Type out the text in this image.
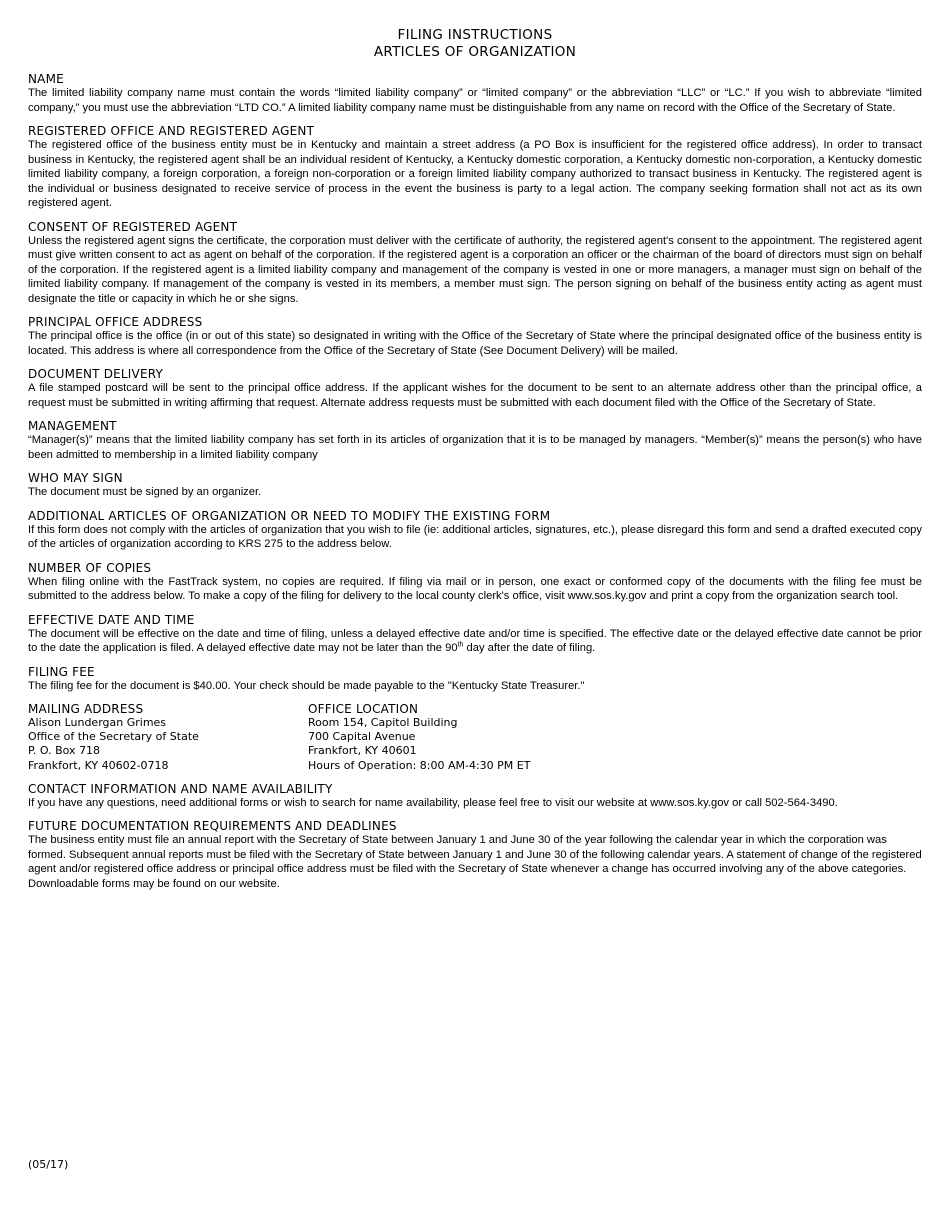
FILING INSTRUCTIONS
ARTICLES OF ORGANIZATION
NAME
The limited liability company name must contain the words “limited liability company” or “limited company” or the abbreviation “LLC” or “LC.” If you wish to abbreviate “limited company,” you must use the abbreviation “LTD CO.” A limited liability company name must be distinguishable from any name on record with the Office of the Secretary of State.
REGISTERED OFFICE AND REGISTERED AGENT
The registered office of the business entity must be in Kentucky and maintain a street address (a PO Box is insufficient for the registered office address). In order to transact business in Kentucky, the registered agent shall be an individual resident of Kentucky, a Kentucky domestic corporation, a Kentucky domestic non-corporation, a Kentucky domestic limited liability company, a foreign corporation, a foreign non-corporation or a foreign limited liability company authorized to transact business in Kentucky. The registered agent is the individual or business designated to receive service of process in the event the business is party to a legal action. The company seeking formation shall not act as its own registered agent.
CONSENT OF REGISTERED AGENT
Unless the registered agent signs the certificate, the corporation must deliver with the certificate of authority, the registered agent's consent to the appointment. The registered agent must give written consent to act as agent on behalf of the corporation. If the registered agent is a corporation an officer or the chairman of the board of directors must sign on behalf of the corporation. If the registered agent is a limited liability company and management of the company is vested in one or more managers, a manager must sign on behalf of the limited liability company. If management of the company is vested in its members, a member must sign. The person signing on behalf of the business entity acting as agent must designate the title or capacity in which he or she signs.
PRINCIPAL OFFICE ADDRESS
The principal office is the office (in or out of this state) so designated in writing with the Office of the Secretary of State where the principal designated office of the business entity is located. This address is where all correspondence from the Office of the Secretary of State (See Document Delivery) will be mailed.
DOCUMENT DELIVERY
A file stamped postcard will be sent to the principal office address. If the applicant wishes for the document to be sent to an alternate address other than the principal office, a request must be submitted in writing affirming that request. Alternate address requests must be submitted with each document filed with the Office of the Secretary of State.
MANAGEMENT
“Manager(s)” means that the limited liability company has set forth in its articles of organization that it is to be managed by managers. “Member(s)” means the person(s) who have been admitted to membership in a limited liability company
WHO MAY SIGN
The document must be signed by an organizer.
ADDITIONAL ARTICLES OF ORGANIZATION OR NEED TO MODIFY THE EXISTING FORM
If this form does not comply with the articles of organization that you wish to file (ie: additional articles, signatures, etc.), please disregard this form and send a drafted executed copy of the articles of organization according to KRS 275 to the address below.
NUMBER OF COPIES
When filing online with the FastTrack system, no copies are required. If filing via mail or in person, one exact or conformed copy of the documents with the filing fee must be submitted to the address below. To make a copy of the filing for delivery to the local county clerk's office, visit www.sos.ky.gov and print a copy from the organization search tool.
EFFECTIVE DATE AND TIME
The document will be effective on the date and time of filing, unless a delayed effective date and/or time is specified. The effective date or the delayed effective date cannot be prior to the date the application is filed. A delayed effective date may not be later than the 90th day after the date of filing.
FILING FEE
The filing fee for the document is $40.00. Your check should be made payable to the "Kentucky State Treasurer."
MAILING ADDRESS
Alison Lundergan Grimes
Office of the Secretary of State
P. O. Box 718
Frankfort, KY 40602-0718
OFFICE LOCATION
Room 154, Capitol Building
700 Capital Avenue
Frankfort, KY 40601
Hours of Operation: 8:00 AM-4:30 PM ET
CONTACT INFORMATION AND NAME AVAILABILITY
If you have any questions, need additional forms or wish to search for name availability, please feel free to visit our website at www.sos.ky.gov or call 502-564-3490.
FUTURE DOCUMENTATION REQUIREMENTS AND DEADLINES
The business entity must file an annual report with the Secretary of State between January 1 and June 30 of the year following the calendar year in which the corporation was formed. Subsequent annual reports must be filed with the Secretary of State between January 1 and June 30 of the following calendar years. A statement of change of the registered agent and/or registered office address or principal office address must be filed with the Secretary of State whenever a change has occurred involving any of the above categories. Downloadable forms may be found on our website.
(05/17)
